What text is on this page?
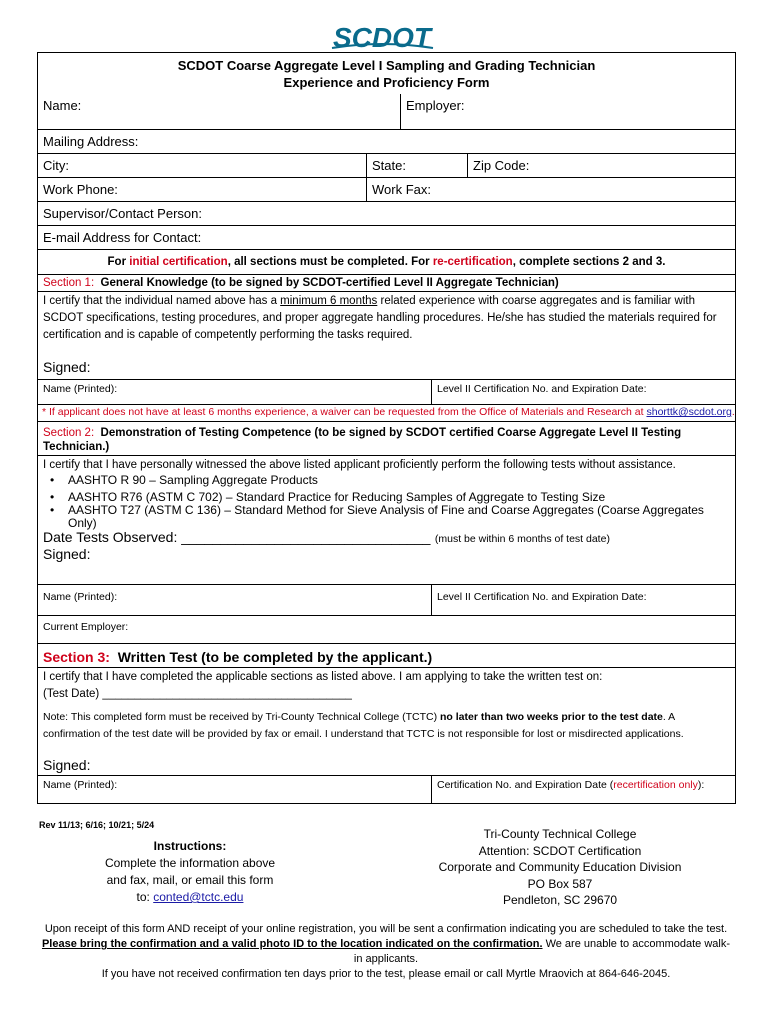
SCDOT
SCDOT Coarse Aggregate Level I Sampling and Grading Technician
Experience and Proficiency Form
Name:	Employer:
Mailing Address:
City:	State:	Zip Code:
Work Phone:	Work Fax:
Supervisor/Contact Person:
E-mail Address for Contact:
For initial certification, all sections must be completed. For re-certification, complete sections 2 and 3.
Section 1: General Knowledge (to be signed by SCDOT-certified Level II Aggregate Technician)
I certify that the individual named above has a minimum 6 months related experience with coarse aggregates and is familiar with SCDOT specifications, testing procedures, and proper aggregate handling procedures. He/she has studied the materials required for certification and is capable of competently performing the tasks required.
Signed:
Name (Printed):	Level II Certification No. and Expiration Date:
* If applicant does not have at least 6 months experience, a waiver can be requested from the Office of Materials and Research at shorttk@scdot.org.
Section 2: Demonstration of Testing Competence (to be signed by SCDOT certified Coarse Aggregate Level II Testing Technician.)
I certify that I have personally witnessed the above listed applicant proficiently perform the following tests without assistance.
• AASHTO R 90 – Sampling Aggregate Products
• AASHTO R76 (ASTM C 702) – Standard Practice for Reducing Samples of Aggregate to Testing Size
• AASHTO T27 (ASTM C 136) – Standard Method for Sieve Analysis of Fine and Coarse Aggregates (Coarse Aggregates Only)
Date Tests Observed: ________________________________ (must be within 6 months of test date)
Signed:
Name (Printed):	Level II Certification No. and Expiration Date:
Current Employer:
Section 3: Written Test (to be completed by the applicant.)
I certify that I have completed the applicable sections as listed above. I am applying to take the written test on:
(Test Date) _______________________________________
Note: This completed form must be received by Tri-County Technical College (TCTC) no later than two weeks prior to the test date. A confirmation of the test date will be provided by fax or email. I understand that TCTC is not responsible for lost or misdirected applications.
Signed:
Name (Printed):	Certification No. and Expiration Date (recertification only):
Rev 11/13; 6/16; 10/21; 5/24
Instructions:
Complete the information above
and fax, mail, or email this form
to: conted@tctc.edu
Tri-County Technical College
Attention: SCDOT Certification
Corporate and Community Education Division
PO Box 587
Pendleton, SC 29670
Upon receipt of this form AND receipt of your online registration, you will be sent a confirmation indicating you are scheduled to take the test. Please bring the confirmation and a valid photo ID to the location indicated on the confirmation. We are unable to accommodate walk-in applicants.
If you have not received confirmation ten days prior to the test, please email or call Myrtle Mraovich at 864-646-2045.
